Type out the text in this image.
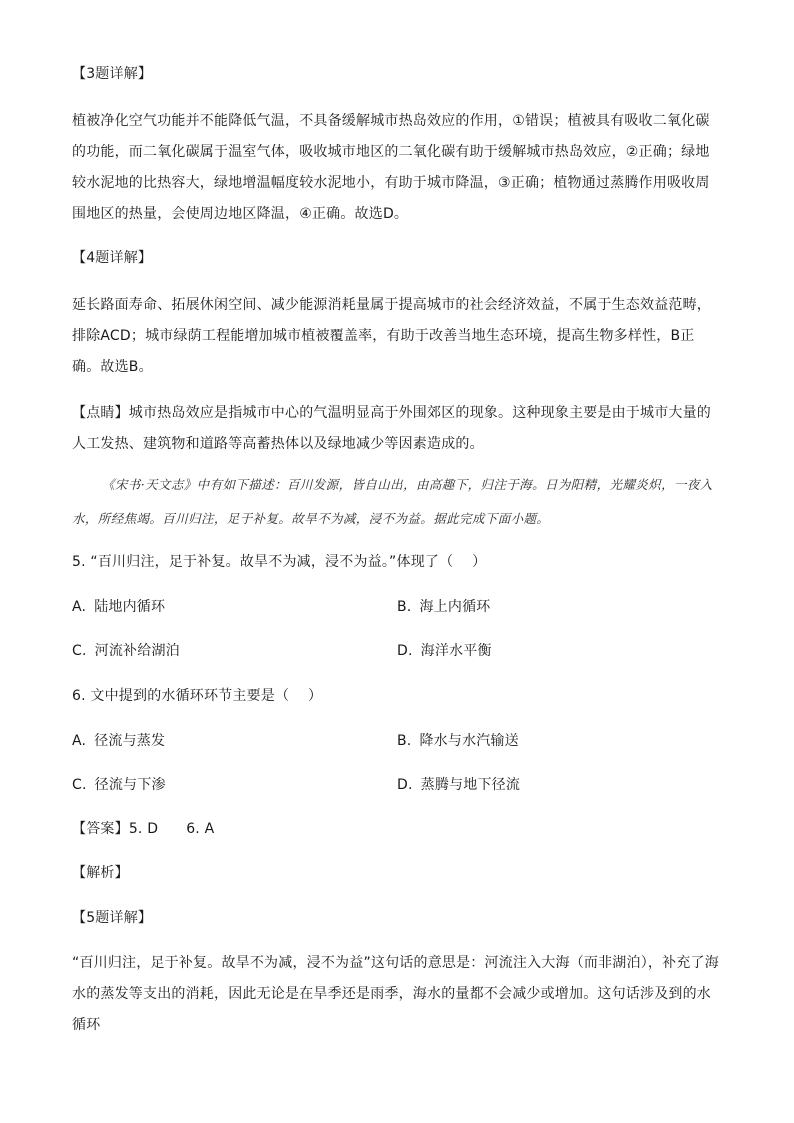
【3题详解】

植被净化空气功能并不能降低气温，不具备缓解城市热岛效应的作用，①错误；植被具有吸收二氧化碳的功能，而二氧化碳属于温室气体，吸收城市地区的二氧化碳有助于缓解城市热岛效应，②正确；绿地较水泥地的比热容大，绿地增温幅度较水泥地小，有助于城市降温，③正确；植物通过蒸腾作用吸收周围地区的热量，会使周边地区降温，④正确。故选D。

【4题详解】

延长路面寿命、拓展休闲空间、减少能源消耗量属于提高城市的社会经济效益，不属于生态效益范畴，排除ACD；城市绿荫工程能增加城市植被覆盖率，有助于改善当地生态环境，提高生物多样性，B正确。故选B。

【点睛】城市热岛效应是指城市中心的气温明显高于外围郊区的现象。这种现象主要是由于城市大量的人工发热、建筑物和道路等高蓄热体以及绿地减少等因素造成的。

《宋书·天文志》中有如下描述：百川发源，皆自山出，由高趣下，归注于海。日为阳精，光耀炎炽，一夜入水，所经焦竭。百川归注，足于补复。故旱不为减，浸不为益。据此完成下面小题。
5. “百川归注，足于补复。故旱不为减，浸不为益。”体现了（　 ）
A. 陆地内循环	B. 海上内循环
C. 河流补给湖泊	D. 海洋水平衡
6. 文中提到的水循环环节主要是（　 ）
A. 径流与蒸发	B. 降水与水汽输送
C. 径流与下渗	D. 蒸腾与地下径流
【答案】5. D 6. A
【解析】
【5题详解】

“百川归注，足于补复。故旱不为减，浸不为益”这句话的意思是：河流注入大海（而非湖泊），补充了海水的蒸发等支出的消耗，因此无论是在旱季还是雨季，海水的量都不会减少或增加。这句话涉及到的水循环
